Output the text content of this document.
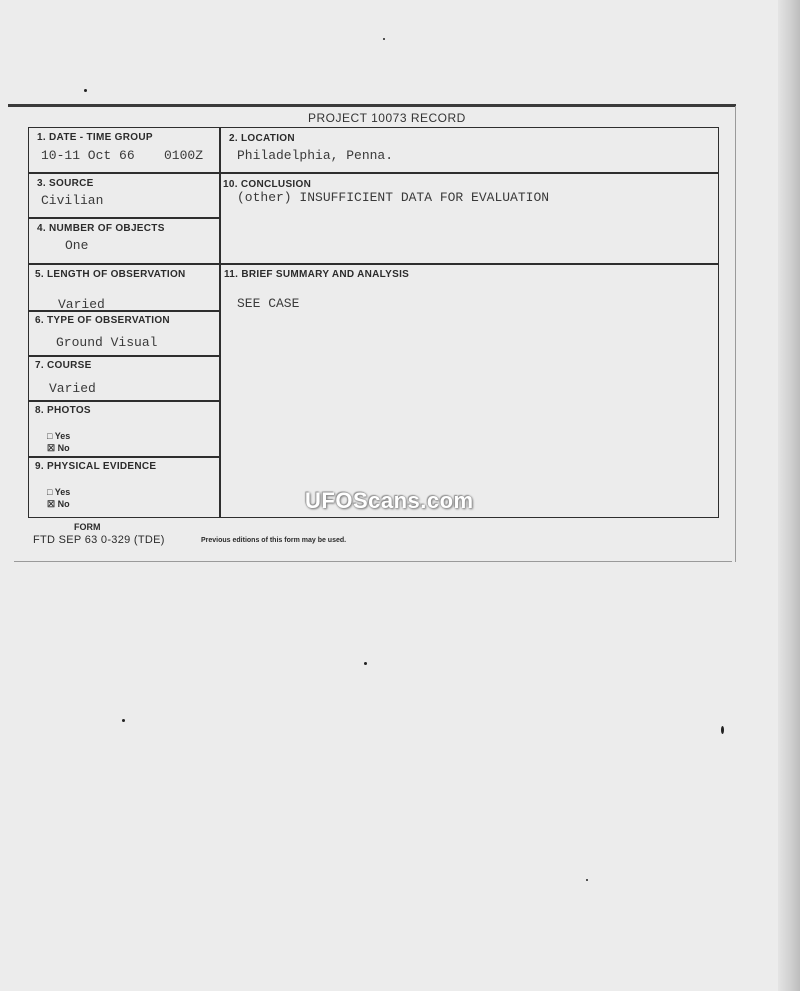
PROJECT 10073 RECORD
1. DATE - TIME GROUP
10-11 Oct 66 0100Z
2. LOCATION
Philadelphia, Penna.
3. SOURCE
Civilian
10. CONCLUSION
(other) INSUFFICIENT DATA FOR EVALUATION
4. NUMBER OF OBJECTS
One
5. LENGTH OF OBSERVATION
Varied
11. BRIEF SUMMARY AND ANALYSIS
SEE CASE
6. TYPE OF OBSERVATION
Ground Visual
7. COURSE
Varied
8. PHOTOS
□ Yes
☒ No
9. PHYSICAL EVIDENCE
□ Yes
☒ No
FORM
FTD SEP 63 0-329 (TDE)	Previous editions of this form may be used.
UFOScans.com
